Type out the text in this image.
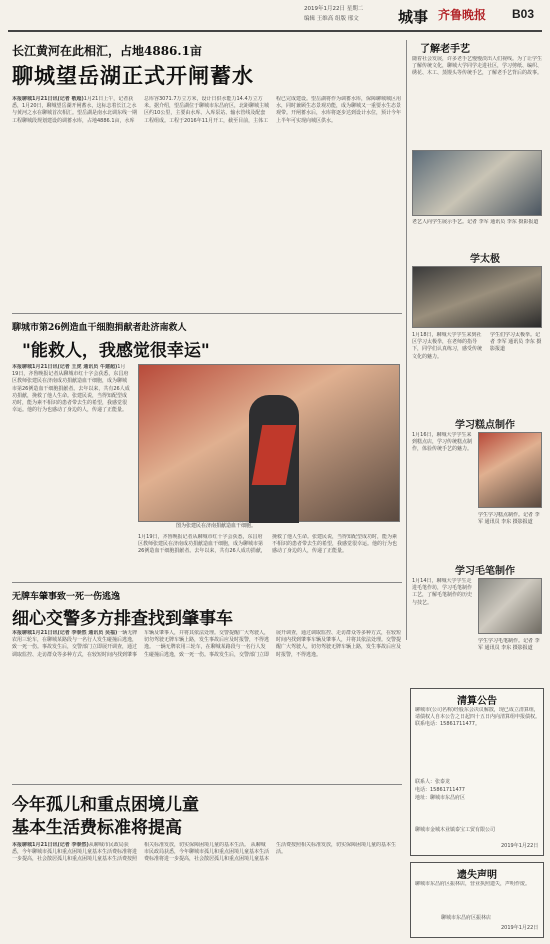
2019年1月22日 星期二
编辑 王维高 组版 邢文	城事 齐鲁晚报 B03
长江黄河在此相汇，占地4886.1亩
聊城望岳湖正式开闸蓄水
本报聊城1月21日讯(记者 敬超)1月21日上午，记者获悉，1月20日，聊城望岳湖开闸蓄水，这标志着长江之水与黄河之水在聊城首次相汇。望岳湖是南水北调东线一期工程聊城段规划建设的调蓄水库，占地4886.1亩，水库总库容3071.7万立方米，设计日供水能力14.4万立方米。据介绍，望岳湖位于聊城市东昌府区，北距聊城主城区约10公里，主要由水库、入库泵站、输水管线及配套工程组成。工程于2016年11月开工，截至目前，主体工程已完成建设。望岳湖将作为调蓄水库，保障聊城城区用水，同时兼顾生态景观功能，成为聊城又一重要水生态景观带。开闸蓄水后，水库将逐步达到设计水位，预计今年上半年可实现向城区供水。
聊城市第26例造血干细胞捐献者赴济南救人
"能救人，我感觉很幸运"
本报聊城1月21日讯(记者 王虎 通讯员 牛建超)1月19日，齐鲁晚报记者从聊城市红十字会获悉，东昌府区教师张建民在济南成功捐献造血干细胞，成为聊城市第26例造血干细胞捐献者。去年以来，共有26人成功捐献，挽救了他人生命。张建民说，当得知配型成功时，能为素不相识的患者带去生的希望，我感觉很幸运。他的行为也感动了身边的人，传递了正能量。
图为张建民在济南捐献造血干细胞。
1月19日，齐鲁晚报记者从聊城市红十字会获悉，东昌府区教师张建民在济南成功捐献造血干细胞，成为聊城市第26例造血干细胞捐献者。去年以来，共有26人成功捐献，挽救了他人生命。张建民说，当得知配型成功时，能为素不相识的患者带去生的希望，我感觉很幸运。他的行为也感动了身边的人，传递了正能量。
无牌车肇事致一死一伤逃逸
细心交警多方排查找到肇事车
本报聊城1月21日讯(记者 李泰然 通讯员 吴福)一辆无牌农用三轮车，在聊城某路段与一名行人发生碰撞后逃逸，致一死一伤。事故发生后，交警部门立即展开调查，通过调取监控、走访群众等多种方式，在较短时间内找到肇事车辆及肇事人，并将其依法处理。交警提醒广大驾驶人，切勿驾驶无牌车辆上路，发生事故后应及时报警，不得逃逸。 一辆无牌农用三轮车，在聊城某路段与一名行人发生碰撞后逃逸，致一死一伤。事故发生后，交警部门立即展开调查，通过调取监控、走访群众等多种方式，在较短时间内找到肇事车辆及肇事人，并将其依法处理。交警提醒广大驾驶人，切勿驾驶无牌车辆上路，发生事故后应及时报警，不得逃逸。
今年孤儿和重点困境儿童
基本生活费标准将提高
本报聊城1月21日讯(记者 李泰然)从聊城市民政局获悉，今年聊城市孤儿和重点困境儿童基本生活费标准将进一步提高，社会散居孤儿和重点困境儿童基本生活费按照相关标准发放，切实保障困境儿童的基本生活。 从聊城市民政局获悉，今年聊城市孤儿和重点困境儿童基本生活费标准将进一步提高，社会散居孤儿和重点困境儿童基本生活费按照相关标准发放，切实保障困境儿童的基本生活。
了解老手艺
随着社会发展，许多老手艺慢慢淡出人们视线。为了让学生了解传统文化，聊城大学同学走进社区，学习剪纸、编织、绣花、木工、蒸馒头等传统手艺，了解老手艺背后的故事。
老艺人向学生展示手艺。记者 李军 通讯员 李东 摄影报道
学太极
1月18日，聊城大学学生来到社区学习太极拳，在老师的指导下，同学们认真练习，感受传统文化的魅力。
学生们学习太极拳。记者 李军 通讯员 李东 摄影报道
学习糕点制作
1月16日，聊城大学学生来到糕点店，学习传统糕点制作，体验传统手艺的魅力。
学生学习糕点制作。记者 李军 通讯员 李东 摄影报道
学习毛笔制作
1月14日，聊城大学学生走进毛笔作坊，学习毛笔制作工艺，了解毛笔制作的历史与技艺。
学生学习毛笔制作。记者 李军 通讯员 李东 摄影报道
清算公告
聊城市(公司名称)经股东会决议解散，现已成立清算组，请债权人自本公告之日起四十五日内向清算组申报债权。联系电话：15861711477。
联系人：张泰龙
电话：15861711477
地址：聊城市东昌府区
聊城市金城木业镇泰宝工贸有限公司
2019年1月22日
遗失声明
聊城市东昌府区振林店，营业执照遗失，声明作废。
聊城市东昌府区振林店
2019年1月22日
